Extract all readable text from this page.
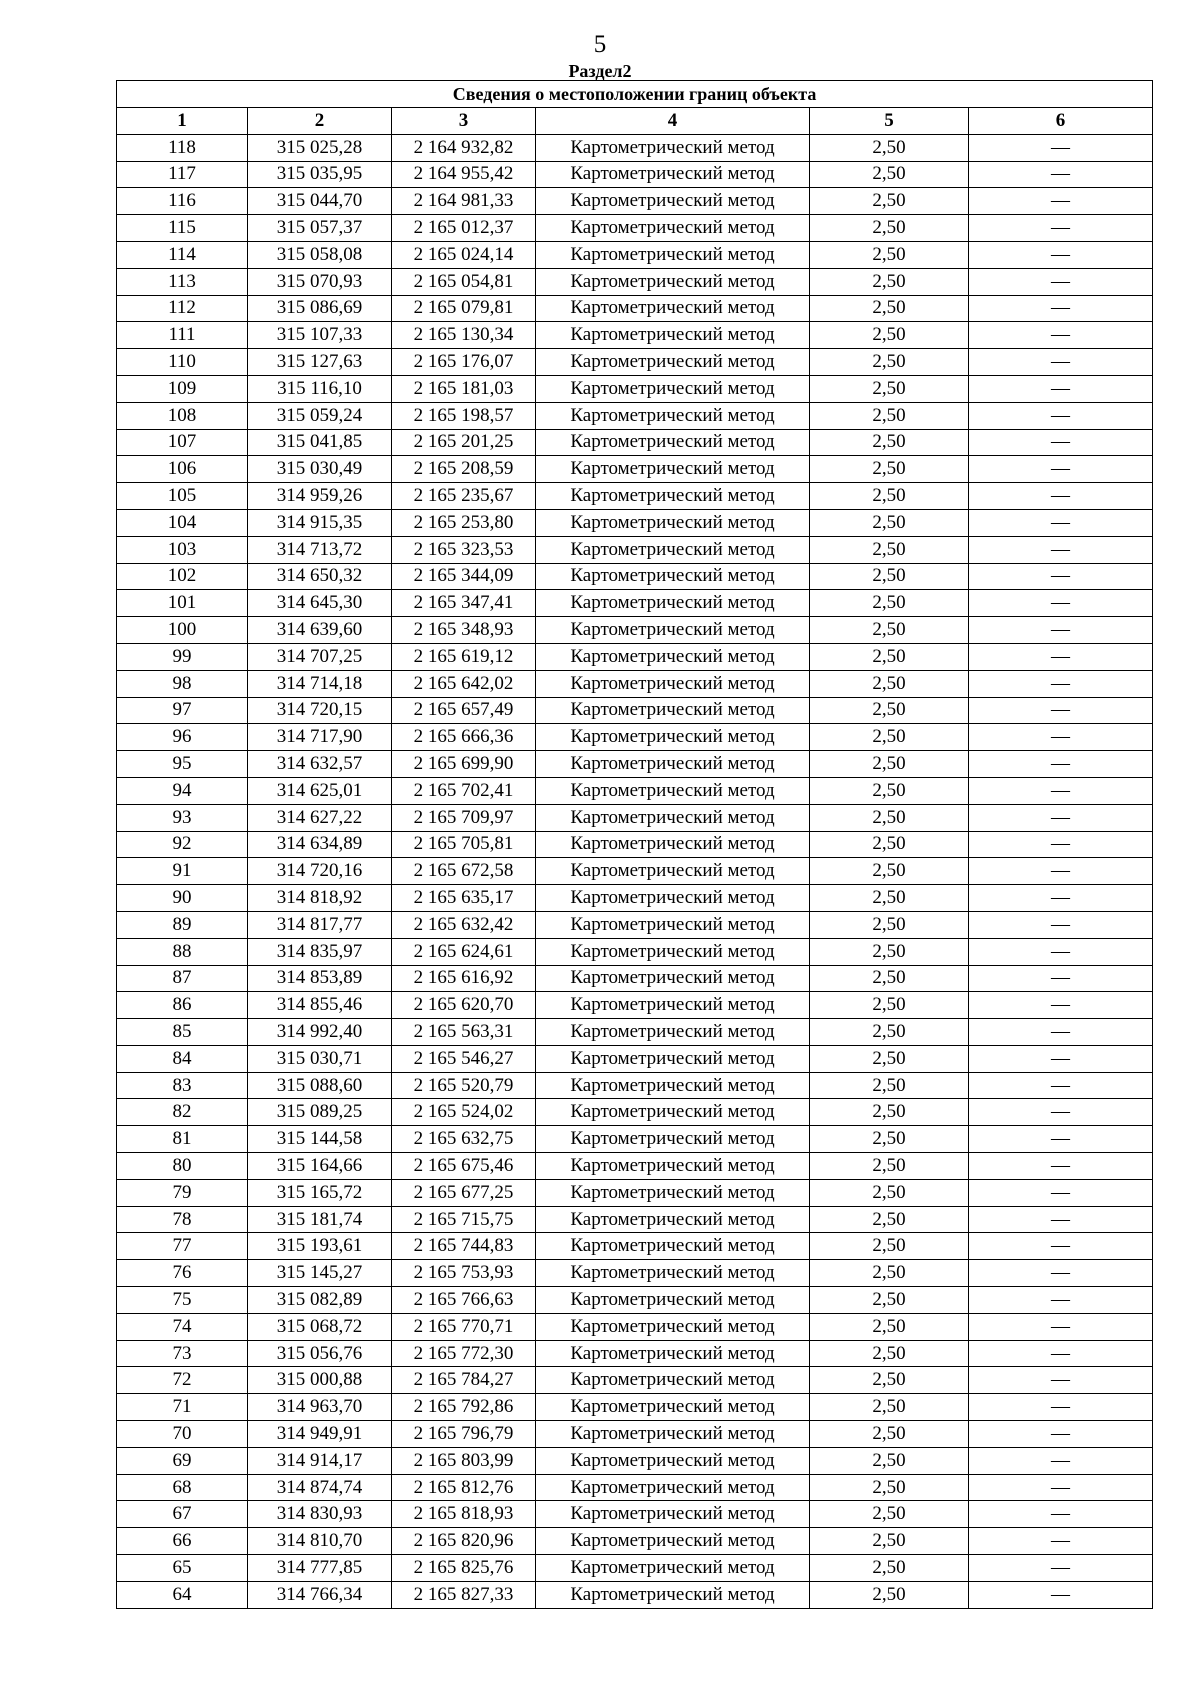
5
Раздел2
Сведения о местоположении границ объекта					
1	2	3	4	5	6
118	315 025,28	2 164 932,82	Картометрический метод	2,50	—
117	315 035,95	2 164 955,42	Картометрический метод	2,50	—
116	315 044,70	2 164 981,33	Картометрический метод	2,50	—
115	315 057,37	2 165 012,37	Картометрический метод	2,50	—
114	315 058,08	2 165 024,14	Картометрический метод	2,50	—
113	315 070,93	2 165 054,81	Картометрический метод	2,50	—
112	315 086,69	2 165 079,81	Картометрический метод	2,50	—
111	315 107,33	2 165 130,34	Картометрический метод	2,50	—
110	315 127,63	2 165 176,07	Картометрический метод	2,50	—
109	315 116,10	2 165 181,03	Картометрический метод	2,50	—
108	315 059,24	2 165 198,57	Картометрический метод	2,50	—
107	315 041,85	2 165 201,25	Картометрический метод	2,50	—
106	315 030,49	2 165 208,59	Картометрический метод	2,50	—
105	314 959,26	2 165 235,67	Картометрический метод	2,50	—
104	314 915,35	2 165 253,80	Картометрический метод	2,50	—
103	314 713,72	2 165 323,53	Картометрический метод	2,50	—
102	314 650,32	2 165 344,09	Картометрический метод	2,50	—
101	314 645,30	2 165 347,41	Картометрический метод	2,50	—
100	314 639,60	2 165 348,93	Картометрический метод	2,50	—
99	314 707,25	2 165 619,12	Картометрический метод	2,50	—
98	314 714,18	2 165 642,02	Картометрический метод	2,50	—
97	314 720,15	2 165 657,49	Картометрический метод	2,50	—
96	314 717,90	2 165 666,36	Картометрический метод	2,50	—
95	314 632,57	2 165 699,90	Картометрический метод	2,50	—
94	314 625,01	2 165 702,41	Картометрический метод	2,50	—
93	314 627,22	2 165 709,97	Картометрический метод	2,50	—
92	314 634,89	2 165 705,81	Картометрический метод	2,50	—
91	314 720,16	2 165 672,58	Картометрический метод	2,50	—
90	314 818,92	2 165 635,17	Картометрический метод	2,50	—
89	314 817,77	2 165 632,42	Картометрический метод	2,50	—
88	314 835,97	2 165 624,61	Картометрический метод	2,50	—
87	314 853,89	2 165 616,92	Картометрический метод	2,50	—
86	314 855,46	2 165 620,70	Картометрический метод	2,50	—
85	314 992,40	2 165 563,31	Картометрический метод	2,50	—
84	315 030,71	2 165 546,27	Картометрический метод	2,50	—
83	315 088,60	2 165 520,79	Картометрический метод	2,50	—
82	315 089,25	2 165 524,02	Картометрический метод	2,50	—
81	315 144,58	2 165 632,75	Картометрический метод	2,50	—
80	315 164,66	2 165 675,46	Картометрический метод	2,50	—
79	315 165,72	2 165 677,25	Картометрический метод	2,50	—
78	315 181,74	2 165 715,75	Картометрический метод	2,50	—
77	315 193,61	2 165 744,83	Картометрический метод	2,50	—
76	315 145,27	2 165 753,93	Картометрический метод	2,50	—
75	315 082,89	2 165 766,63	Картометрический метод	2,50	—
74	315 068,72	2 165 770,71	Картометрический метод	2,50	—
73	315 056,76	2 165 772,30	Картометрический метод	2,50	—
72	315 000,88	2 165 784,27	Картометрический метод	2,50	—
71	314 963,70	2 165 792,86	Картометрический метод	2,50	—
70	314 949,91	2 165 796,79	Картометрический метод	2,50	—
69	314 914,17	2 165 803,99	Картометрический метод	2,50	—
68	314 874,74	2 165 812,76	Картометрический метод	2,50	—
67	314 830,93	2 165 818,93	Картометрический метод	2,50	—
66	314 810,70	2 165 820,96	Картометрический метод	2,50	—
65	314 777,85	2 165 825,76	Картометрический метод	2,50	—
64	314 766,34	2 165 827,33	Картометрический метод	2,50	—
